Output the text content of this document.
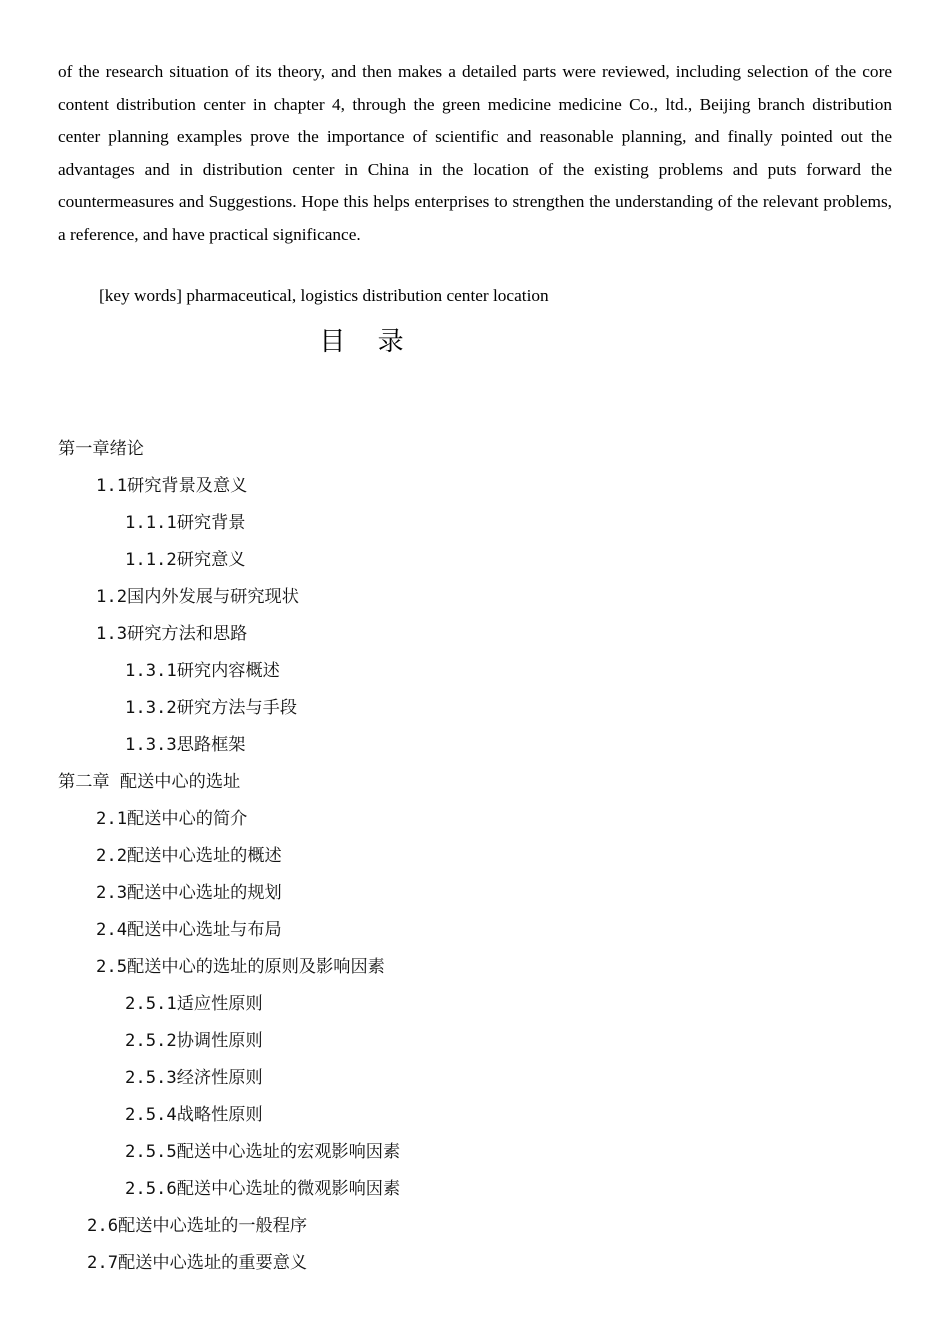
of the research situation of its theory, and then makes a detailed parts were reviewed, including selection of the core content distribution center in chapter 4, through the green medicine medicine Co., ltd., Beijing branch distribution center planning examples prove the importance of scientific and reasonable planning, and finally pointed out the advantages and in distribution center in China in the location of the existing problems and puts forward the countermeasures and Suggestions. Hope this helps enterprises to strengthen the understanding of the relevant problems, a reference, and have practical significance.

[key words] pharmaceutical, logistics distribution center location

目 录
第一章绪论
1.1研究背景及意义
1.1.1研究背景
1.1.2研究意义
1.2国内外发展与研究现状
1.3研究方法和思路
1.3.1研究内容概述
1.3.2研究方法与手段
1.3.3思路框架
第二章 配送中心的选址
2.1配送中心的简介
2.2配送中心选址的概述
2.3配送中心选址的规划
2.4配送中心选址与布局
2.5配送中心的选址的原则及影响因素
2.5.1适应性原则
2.5.2协调性原则
2.5.3经济性原则
2.5.4战略性原则
2.5.5配送中心选址的宏观影响因素
2.5.6配送中心选址的微观影响因素
2.6配送中心选址的一般程序
2.7配送中心选址的重要意义
